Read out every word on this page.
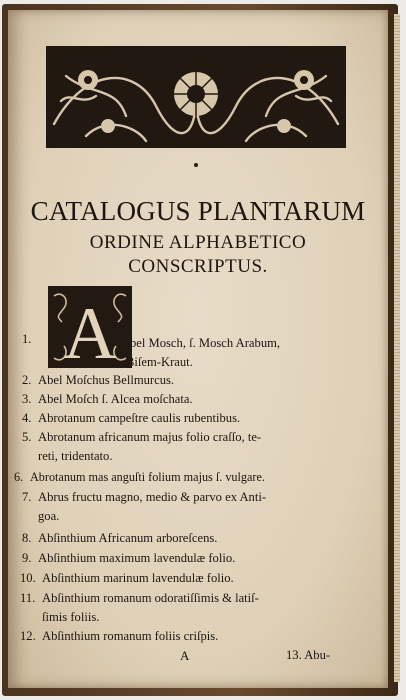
CATALOGUS PLANTARUM
ORDINE ALPHABETICO
CONSCRIPTUS.
A
1.	bel Mosch, ſ. Mosch Arabum,
Biſem-Kraut.
2. Abel Moſchus Bellmurcus.
3. Abel Moſch ſ. Alcea moſchata.
4. Abrotanum campeſtre caulis rubentibus.
5. Abrotanum africanum majus folio craſſo, te-
reti, tridentato.
6. Abrotanum mas anguſti folium majus ſ. vulgare.
7. Abrus fructu magno, medio & parvo ex Anti-
goa.
8. Abſinthium Africanum arboreſcens.
9. Abſinthium maximum lavendulæ folio.
10. Abſinthium marinum lavendulæ folio.
11. Abſinthium romanum odoratiſſimis & latiſ-
ſimis foliis.
12. Abſinthium romanum foliis criſpis.
A	13. Abu-
